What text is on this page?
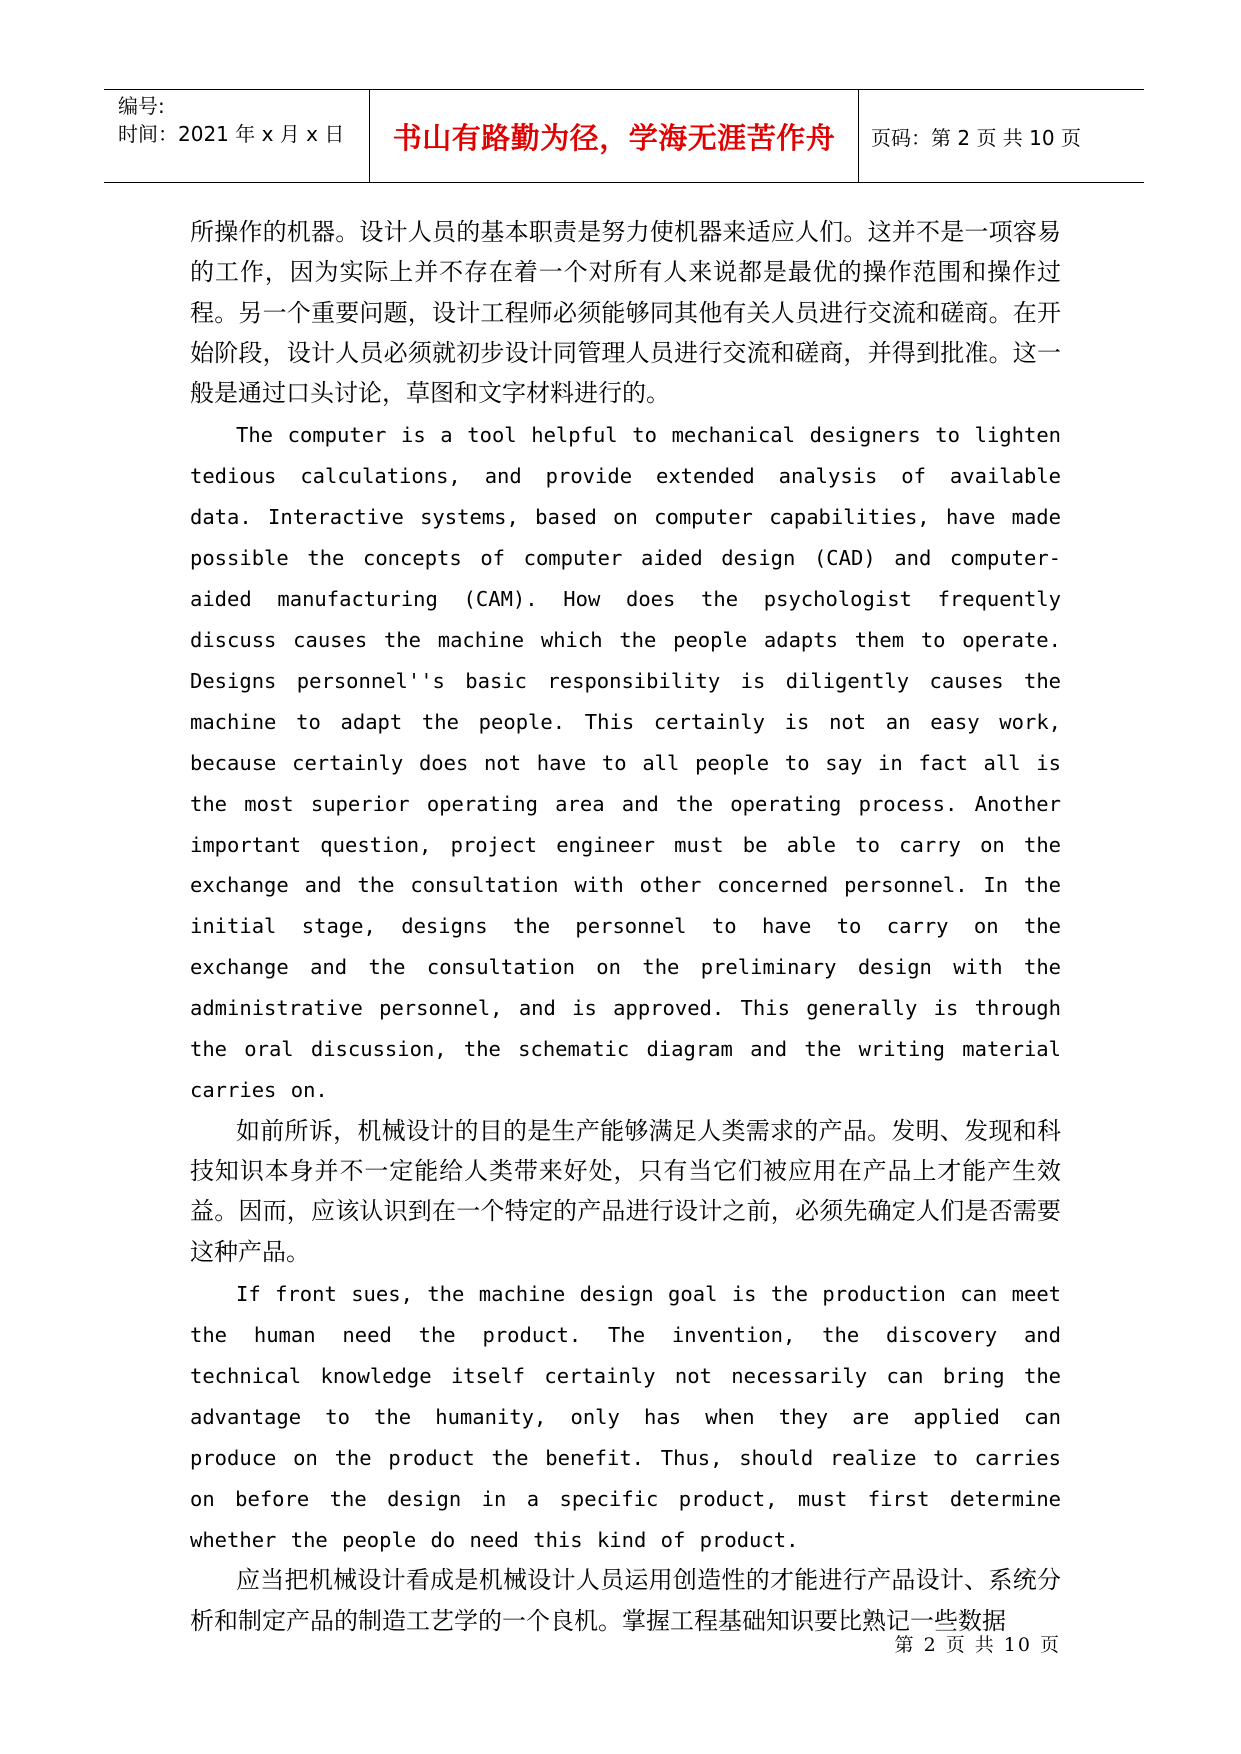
编号:
时间：2021 年 x 月 x 日	书山有路勤为径，学海无涯苦作舟 页码：第 2 页 共 10 页

所操作的机器。设计人员的基本职责是努力使机器来适应人们。这并不是一项容易的工作，因为实际上并不存在着一个对所有人来说都是最优的操作范围和操作过程。另一个重要问题，设计工程师必须能够同其他有关人员进行交流和磋商。在开始阶段，设计人员必须就初步设计同管理人员进行交流和磋商，并得到批准。这一般是通过口头讨论，草图和文字材料进行的。

The computer is a tool helpful to mechanical designers to lighten tedious calculations, and provide extended analysis of available data. Interactive systems, based on computer capabilities, have made possible the concepts of computer aided design (CAD) and computer-aided manufacturing (CAM). How does the psychologist frequently discuss causes the machine which the people adapts them to operate. Designs personnel''s basic responsibility is diligently causes the machine to adapt the people. This certainly is not an easy work, because certainly does not have to all people to say in fact all is the most superior operating area and the operating process. Another important question, project engineer must be able to carry on the exchange and the consultation with other concerned personnel. In the initial stage, designs the personnel to have to carry on the exchange and the consultation on the preliminary design with the administrative personnel, and is approved. This generally is through the oral discussion, the schematic diagram and the writing material carries on.

如前所诉，机械设计的目的是生产能够满足人类需求的产品。发明、发现和科技知识本身并不一定能给人类带来好处，只有当它们被应用在产品上才能产生效益。因而，应该认识到在一个特定的产品进行设计之前，必须先确定人们是否需要这种产品。

If front sues, the machine design goal is the production can meet the human need the product. The invention, the discovery and technical knowledge itself certainly not necessarily can bring the advantage to the humanity, only has when they are applied can produce on the product the benefit. Thus, should realize to carries on before the design in a specific product, must first determine whether the people do need this kind of product.

应当把机械设计看成是机械设计人员运用创造性的才能进行产品设计、系统分析和制定产品的制造工艺学的一个良机。掌握工程基础知识要比熟记一些数据

第 2 页 共 10 页
